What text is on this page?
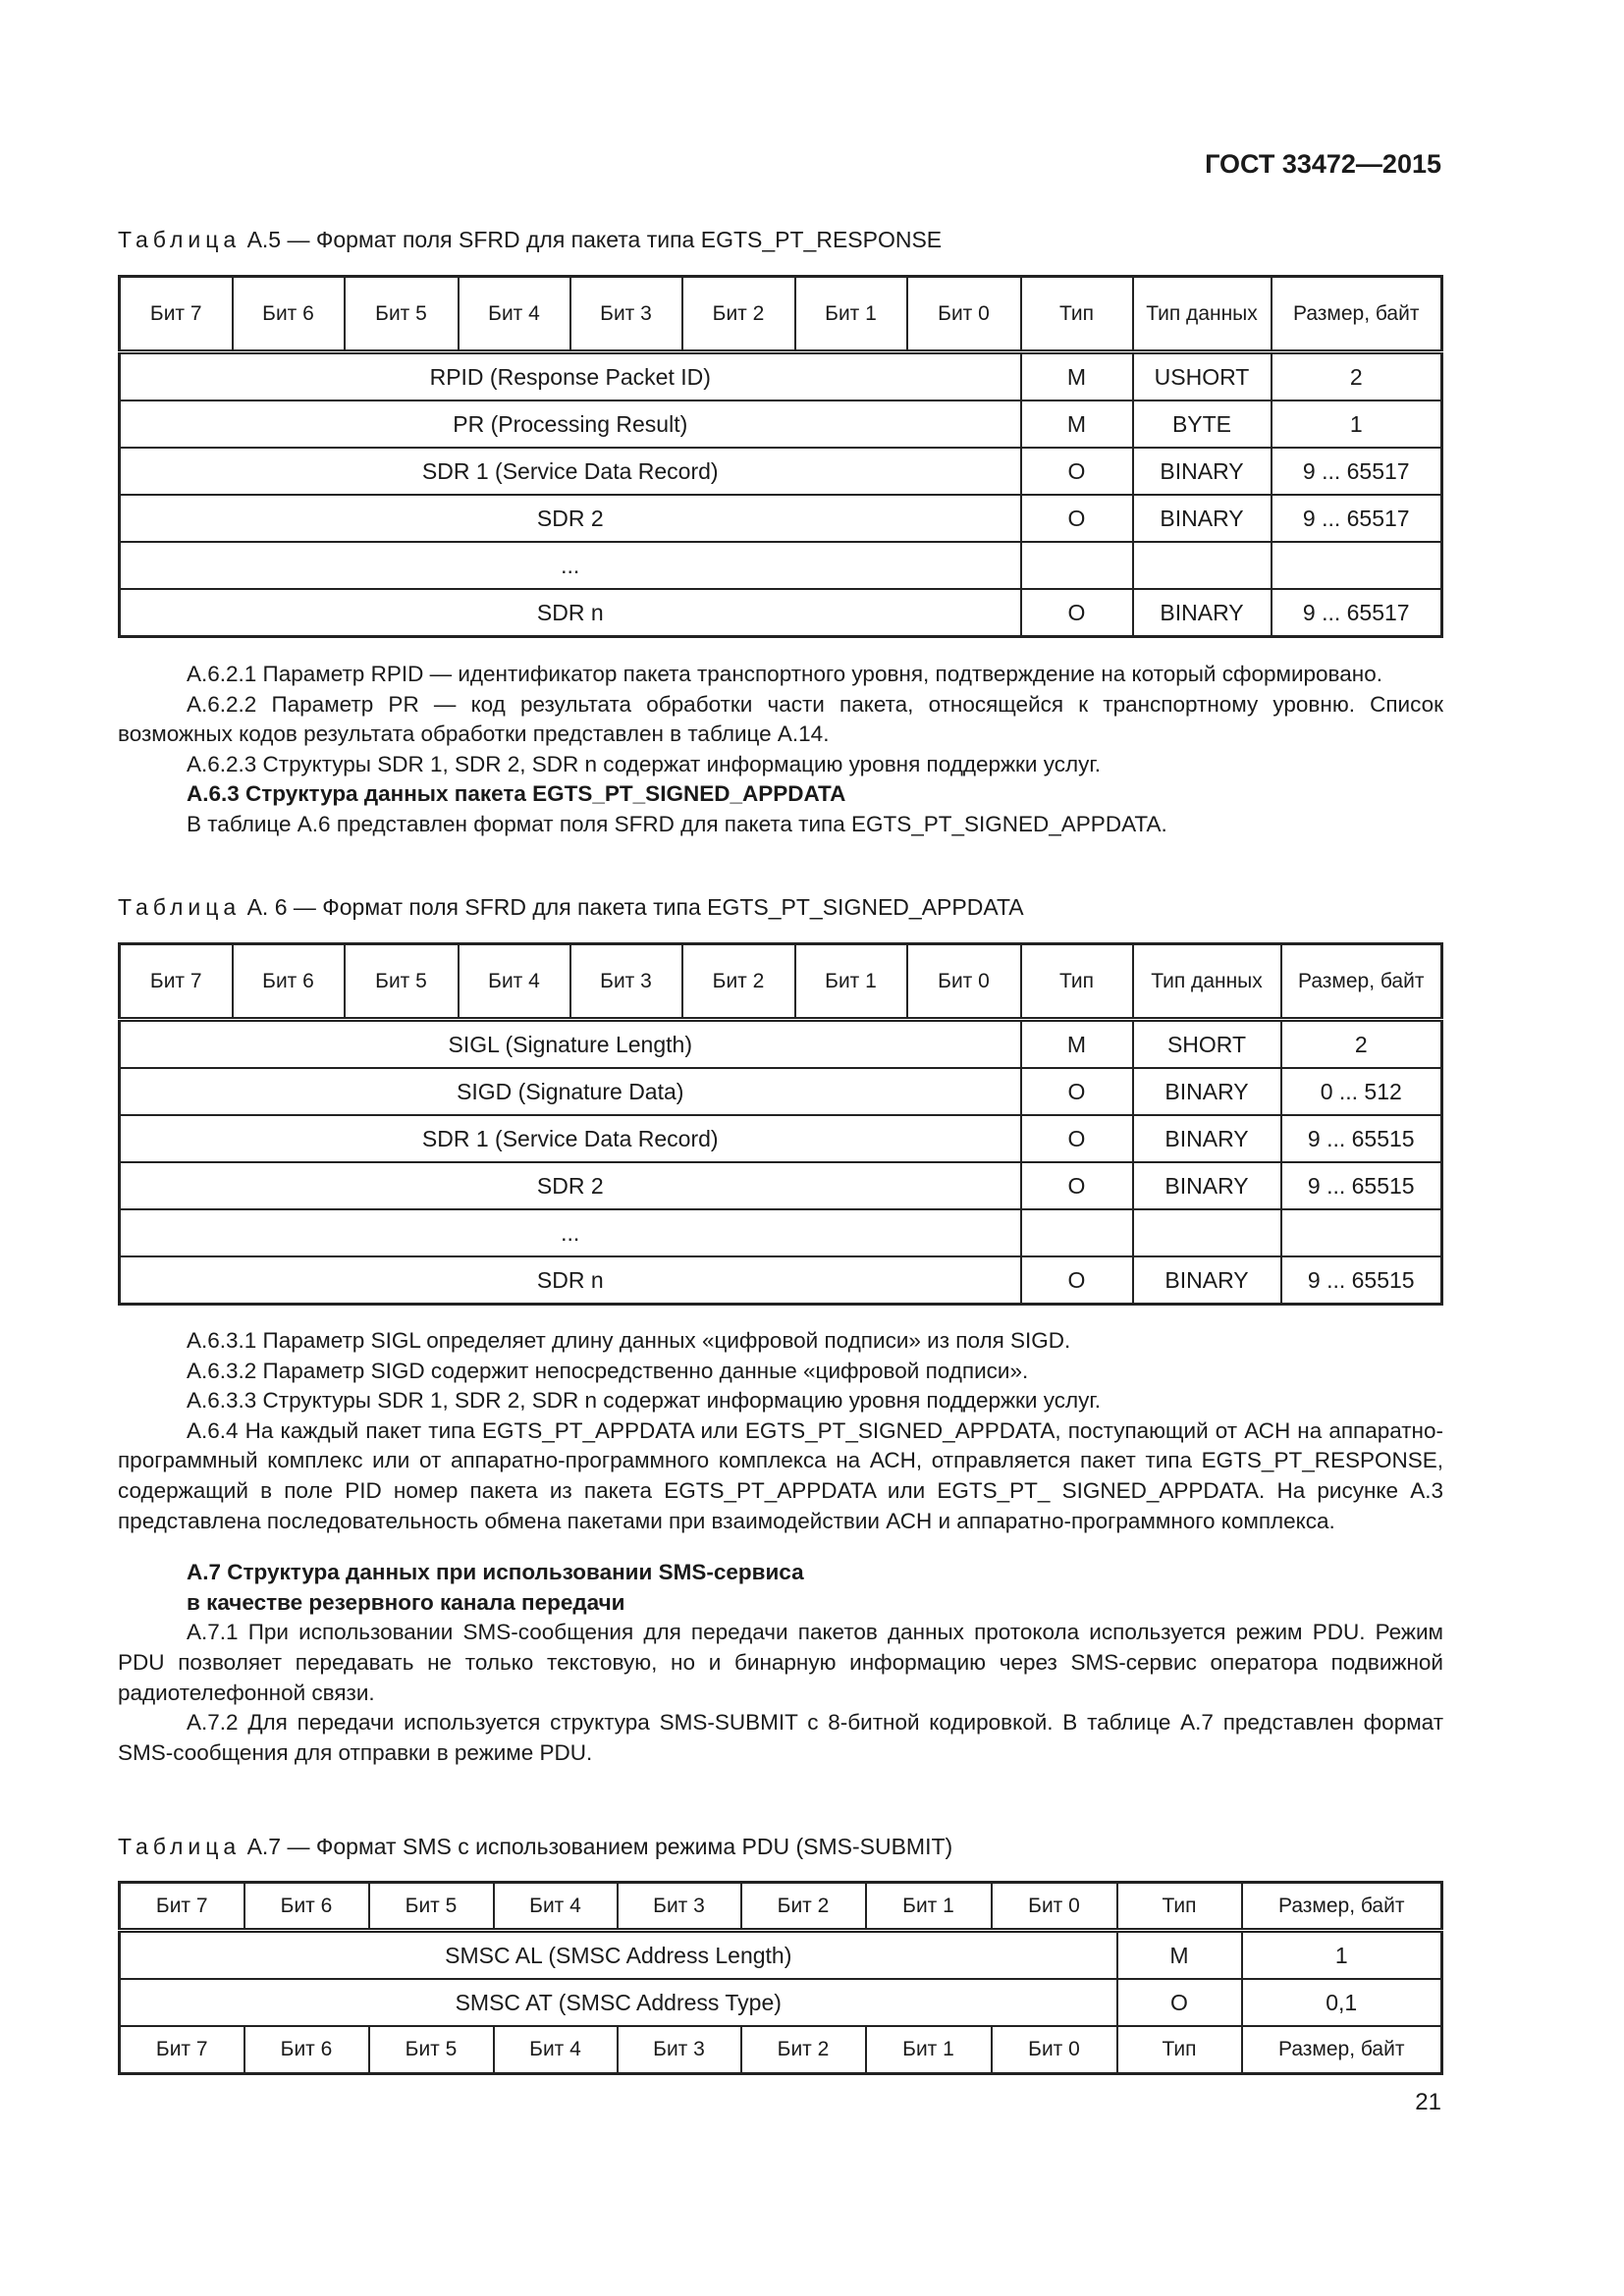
ГОСТ 33472—2015
Таблица А.5 — Формат поля SFRD для пакета типа EGTS_PT_RESPONSE
Бит 7	Бит 6	Бит 5	Бит 4	Бит 3	Бит 2	Бит 1	Бит 0	Тип	Тип данных	Размер, байт
RPID (Response Packet ID)								M	USHORT	2
PR (Processing Result)								M	BYTE	1
SDR 1 (Service Data Record)								O	BINARY	9 ... 65517
SDR 2								O	BINARY	9 ... 65517
...										
SDR n								O	BINARY	9 ... 65517

А.6.2.1 Параметр RPID — идентификатор пакета транспортного уровня, подтверждение на который сформировано.

А.6.2.2 Параметр PR — код результата обработки части пакета, относящейся к транспортному уровню. Список возможных кодов результата обработки представлен в таблице А.14.

А.6.2.3 Структуры SDR 1, SDR 2, SDR n содержат информацию уровня поддержки услуг.

А.6.3 Структура данных пакета EGTS_PT_SIGNED_APPDATA

В таблице А.6 представлен формат поля SFRD для пакета типа EGTS_PT_SIGNED_APPDATA.

Таблица А. 6 — Формат поля SFRD для пакета типа EGTS_PT_SIGNED_APPDATA
Бит 7	Бит 6	Бит 5	Бит 4	Бит 3	Бит 2	Бит 1	Бит 0	Тип	Тип данных	Размер, байт
SIGL (Signature Length)								M	SHORT	2
SIGD (Signature Data)								O	BINARY	0 ... 512
SDR 1 (Service Data Record)								O	BINARY	9 ... 65515
SDR 2								O	BINARY	9 ... 65515
...										
SDR n								O	BINARY	9 ... 65515

А.6.3.1 Параметр SIGL определяет длину данных «цифровой подписи» из поля SIGD.

А.6.3.2 Параметр SIGD содержит непосредственно данные «цифровой подписи».

А.6.3.3 Структуры SDR 1, SDR 2, SDR n содержат информацию уровня поддержки услуг.

А.6.4 На каждый пакет типа EGTS_PT_APPDATA или EGTS_PT_SIGNED_APPDATA, поступающий от АСН на аппаратно-программный комплекс или от аппаратно-программного комплекса на АСН, отправляется пакет типа EGTS_PT_RESPONSE, содержащий в поле PID номер пакета из пакета EGTS_PT_APPDATA или EGTS_PT_ SIGNED_APPDATA. На рисунке А.3 представлена последовательность обмена пакетами при взаимодействии АСН и аппаратно-программного комплекса.

А.7 Структура данных при использовании SMS-сервиса

в качестве резервного канала передачи

А.7.1 При использовании SMS-сообщения для передачи пакетов данных протокола используется режим PDU. Режим PDU позволяет передавать не только текстовую, но и бинарную информацию через SMS-сервис оператора подвижной радиотелефонной связи.

А.7.2 Для передачи используется структура SMS-SUBMIT с 8-битной кодировкой. В таблице А.7 представлен формат SMS-сообщения для отправки в режиме PDU.

Таблица А.7 — Формат SMS с использованием режима PDU (SMS-SUBMIT)
Бит 7	Бит 6	Бит 5	Бит 4	Бит 3	Бит 2	Бит 1	Бит 0	Тип	Размер, байт
SMSC AL (SMSC Address Length)								M	1
SMSC AT (SMSC Address Type)								O	0,1
Бит 7	Бит 6	Бит 5	Бит 4	Бит 3	Бит 2	Бит 1	Бит 0	Тип	Размер, байт
21
